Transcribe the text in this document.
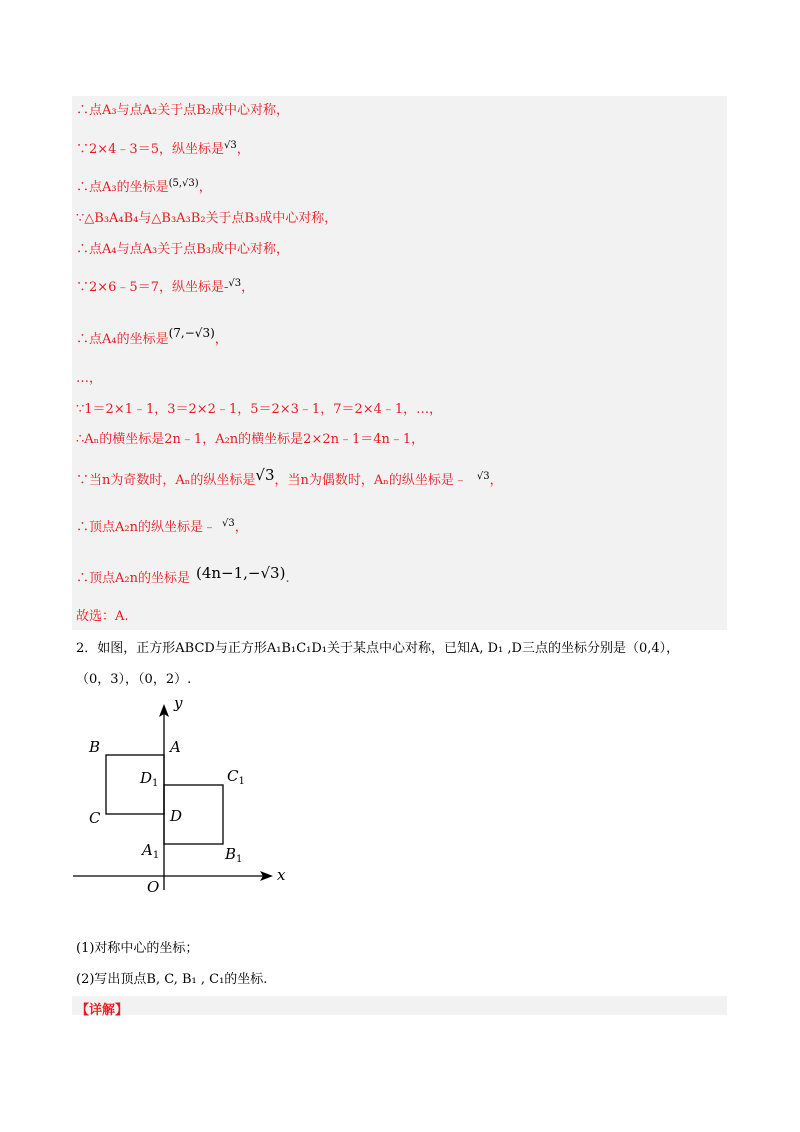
∴点A₃与点A₂关于点B₂成中心对称，
∵2×4﹣3＝5，纵坐标是$^{√3}$，
∴点A₃的坐标是$^{(5,√3)}$，
∵△B₃A₄B₄与△B₃A₃B₂关于点B₃成中心对称，
∴点A₄与点A₃关于点B₃成中心对称，
∵2×6﹣5＝7，纵坐标是-$^{√3}$，
∴点A₄的坐标是(7,−√3)，
…，
∵1＝2×1﹣1，3＝2×2﹣1，5＝2×3﹣1，7＝2×4﹣1，…，
∴Aₙ的横坐标是2n﹣1，A₂n的横坐标是2×2n﹣1＝4n﹣1，
∵当n为奇数时，Aₙ的纵坐标是√3，当n为偶数时，Aₙ的纵坐标是﹣ $^{√3}$，
∴顶点A₂n的纵坐标是﹣ $^{√3}$，
∴顶点A₂n的坐标是 (4n−1,−√3).
故选：A.
2．如图，正方形ABCD与正方形A₁B₁C₁D₁关于某点中心对称，已知A, D₁ ,D三点的坐标分别是（0,4），
（0，3），（0，2）.
y
x
O
A
B
C	D
$D_1$	$C_1$
$A_1$	$B_1$
(1)对称中心的坐标；
(2)写出顶点B, C, B₁ , C₁的坐标.
【详解】
